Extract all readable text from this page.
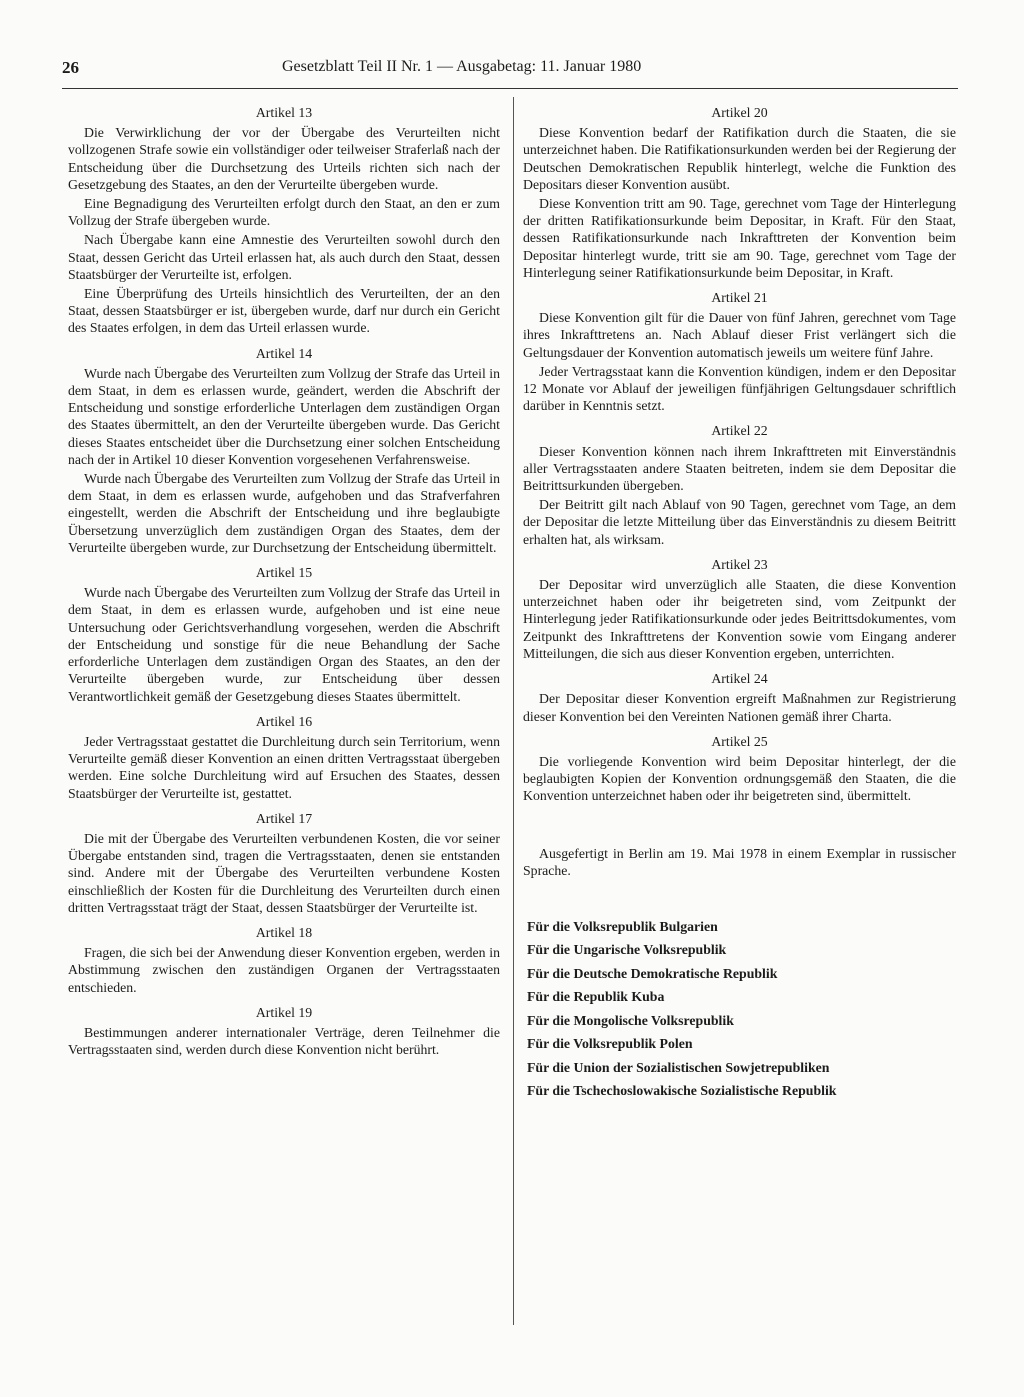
26	Gesetzblatt Teil II Nr. 1 — Ausgabetag: 11. Januar 1980
Artikel 13

Die Verwirklichung der vor der Übergabe des Verurteilten nicht vollzogenen Strafe sowie ein vollständiger oder teilweiser Straferlaß nach der Entscheidung über die Durchsetzung des Urteils richten sich nach der Gesetzgebung des Staates, an den der Verurteilte übergeben wurde.

Eine Begnadigung des Verurteilten erfolgt durch den Staat, an den er zum Vollzug der Strafe übergeben wurde.

Nach Übergabe kann eine Amnestie des Verurteilten sowohl durch den Staat, dessen Gericht das Urteil erlassen hat, als auch durch den Staat, dessen Staatsbürger der Verurteilte ist, erfolgen.

Eine Überprüfung des Urteils hinsichtlich des Verurteilten, der an den Staat, dessen Staatsbürger er ist, übergeben wurde, darf nur durch ein Gericht des Staates erfolgen, in dem das Urteil erlassen wurde.

Artikel 14

Wurde nach Übergabe des Verurteilten zum Vollzug der Strafe das Urteil in dem Staat, in dem es erlassen wurde, geändert, werden die Abschrift der Entscheidung und sonstige erforderliche Unterlagen dem zuständigen Organ des Staates übermittelt, an den der Verurteilte übergeben wurde. Das Gericht dieses Staates entscheidet über die Durchsetzung einer solchen Entscheidung nach der in Artikel 10 dieser Konvention vorgesehenen Verfahrensweise.

Wurde nach Übergabe des Verurteilten zum Vollzug der Strafe das Urteil in dem Staat, in dem es erlassen wurde, aufgehoben und das Strafverfahren eingestellt, werden die Abschrift der Entscheidung und ihre beglaubigte Übersetzung unverzüglich dem zuständigen Organ des Staates, dem der Verurteilte übergeben wurde, zur Durchsetzung der Entscheidung übermittelt.

Artikel 15

Wurde nach Übergabe des Verurteilten zum Vollzug der Strafe das Urteil in dem Staat, in dem es erlassen wurde, aufgehoben und ist eine neue Untersuchung oder Gerichtsverhandlung vorgesehen, werden die Abschrift der Entscheidung und sonstige für die neue Behandlung der Sache erforderliche Unterlagen dem zuständigen Organ des Staates, an den der Verurteilte übergeben wurde, zur Entscheidung über dessen Verantwortlichkeit gemäß der Gesetzgebung dieses Staates übermittelt.

Artikel 16

Jeder Vertragsstaat gestattet die Durchleitung durch sein Territorium, wenn Verurteilte gemäß dieser Konvention an einen dritten Vertragsstaat übergeben werden. Eine solche Durchleitung wird auf Ersuchen des Staates, dessen Staatsbürger der Verurteilte ist, gestattet.

Artikel 17

Die mit der Übergabe des Verurteilten verbundenen Kosten, die vor seiner Übergabe entstanden sind, tragen die Vertragsstaaten, denen sie entstanden sind. Andere mit der Übergabe des Verurteilten verbundene Kosten einschließlich der Kosten für die Durchleitung des Verurteilten durch einen dritten Vertragsstaat trägt der Staat, dessen Staatsbürger der Verurteilte ist.

Artikel 18

Fragen, die sich bei der Anwendung dieser Konvention ergeben, werden in Abstimmung zwischen den zuständigen Organen der Vertragsstaaten entschieden.

Artikel 19

Bestimmungen anderer internationaler Verträge, deren Teilnehmer die Vertragsstaaten sind, werden durch diese Konvention nicht berührt.

Artikel 20

Diese Konvention bedarf der Ratifikation durch die Staaten, die sie unterzeichnet haben. Die Ratifikationsurkunden werden bei der Regierung der Deutschen Demokratischen Republik hinterlegt, welche die Funktion des Depositars dieser Konvention ausübt.

Diese Konvention tritt am 90. Tage, gerechnet vom Tage der Hinterlegung der dritten Ratifikationsurkunde beim Depositar, in Kraft. Für den Staat, dessen Ratifikationsurkunde nach Inkrafttreten der Konvention beim Depositar hinterlegt wurde, tritt sie am 90. Tage, gerechnet vom Tage der Hinterlegung seiner Ratifikationsurkunde beim Depositar, in Kraft.

Artikel 21

Diese Konvention gilt für die Dauer von fünf Jahren, gerechnet vom Tage ihres Inkrafttretens an. Nach Ablauf dieser Frist verlängert sich die Geltungsdauer der Konvention automatisch jeweils um weitere fünf Jahre.

Jeder Vertragsstaat kann die Konvention kündigen, indem er den Depositar 12 Monate vor Ablauf der jeweiligen fünfjährigen Geltungsdauer schriftlich darüber in Kenntnis setzt.

Artikel 22

Dieser Konvention können nach ihrem Inkrafttreten mit Einverständnis aller Vertragsstaaten andere Staaten beitreten, indem sie dem Depositar die Beitrittsurkunden übergeben.

Der Beitritt gilt nach Ablauf von 90 Tagen, gerechnet vom Tage, an dem der Depositar die letzte Mitteilung über das Einverständnis zu diesem Beitritt erhalten hat, als wirksam.

Artikel 23

Der Depositar wird unverzüglich alle Staaten, die diese Konvention unterzeichnet haben oder ihr beigetreten sind, vom Zeitpunkt der Hinterlegung jeder Ratifikationsurkunde oder jedes Beitrittsdokumentes, vom Zeitpunkt des Inkrafttretens der Konvention sowie vom Eingang anderer Mitteilungen, die sich aus dieser Konvention ergeben, unterrichten.

Artikel 24

Der Depositar dieser Konvention ergreift Maßnahmen zur Registrierung dieser Konvention bei den Vereinten Nationen gemäß ihrer Charta.

Artikel 25

Die vorliegende Konvention wird beim Depositar hinterlegt, der die beglaubigten Kopien der Konvention ordnungsgemäß den Staaten, die die Konvention unterzeichnet haben oder ihr beigetreten sind, übermittelt.

Ausgefertigt in Berlin am 19. Mai 1978 in einem Exemplar in russischer Sprache.

Für die Volksrepublik Bulgarien
Für die Ungarische Volksrepublik
Für die Deutsche Demokratische Republik
Für die Republik Kuba
Für die Mongolische Volksrepublik
Für die Volksrepublik Polen
Für die Union der Sozialistischen Sowjetrepubliken
Für die Tschechoslowakische Sozialistische Republik
